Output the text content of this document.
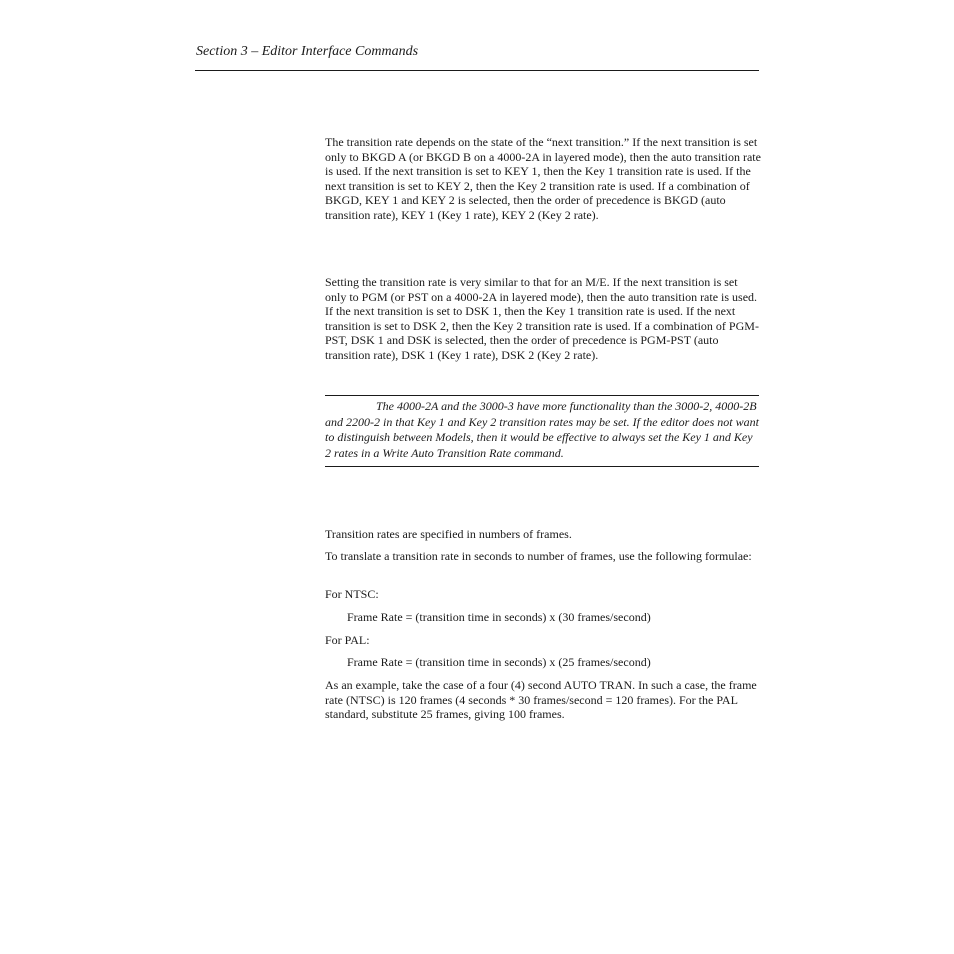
Section 3 – Editor Interface Commands

The transition rate depends on the state of the “next transition.” If the next transition is set only to BKGD A (or BKGD B on a 4000-2A in layered mode), then the auto transition rate is used. If the next transition is set to KEY 1, then the Key 1 transition rate is used. If the next transition is set to KEY 2, then the Key 2 transition rate is used. If a combination of BKGD, KEY 1 and KEY 2 is selected, then the order of precedence is BKGD (auto transition rate), KEY 1 (Key 1 rate), KEY 2 (Key 2 rate).

Setting the transition rate is very similar to that for an M/E. If the next transition is set only to PGM (or PST on a 4000-2A in layered mode), then the auto transition rate is used. If the next transition is set to DSK 1, then the Key 1 transition rate is used. If the next transition is set to DSK 2, then the Key 2 transition rate is used. If a combination of PGM-PST, DSK 1 and DSK is selected, then the order of precedence is PGM-PST (auto transition rate), DSK 1 (Key 1 rate), DSK 2 (Key 2 rate).

The 4000-2A and the 3000-3 have more functionality than the 3000-2, 4000-2B and 2200-2 in that Key 1 and Key 2 transition rates may be set. If the editor does not want to distinguish between Models, then it would be effective to always set the Key 1 and Key 2 rates in a Write Auto Transition Rate command.

Transition rates are specified in numbers of frames.

To translate a transition rate in seconds to number of frames, use the following formulae:

For NTSC:

Frame Rate = (transition time in seconds) x (30 frames/second)

For PAL:

Frame Rate = (transition time in seconds) x (25 frames/second)

As an example, take the case of a four (4) second AUTO TRAN. In such a case, the frame rate (NTSC) is 120 frames (4 seconds * 30 frames/second = 120 frames). For the PAL standard, substitute 25 frames, giving 100 frames.
